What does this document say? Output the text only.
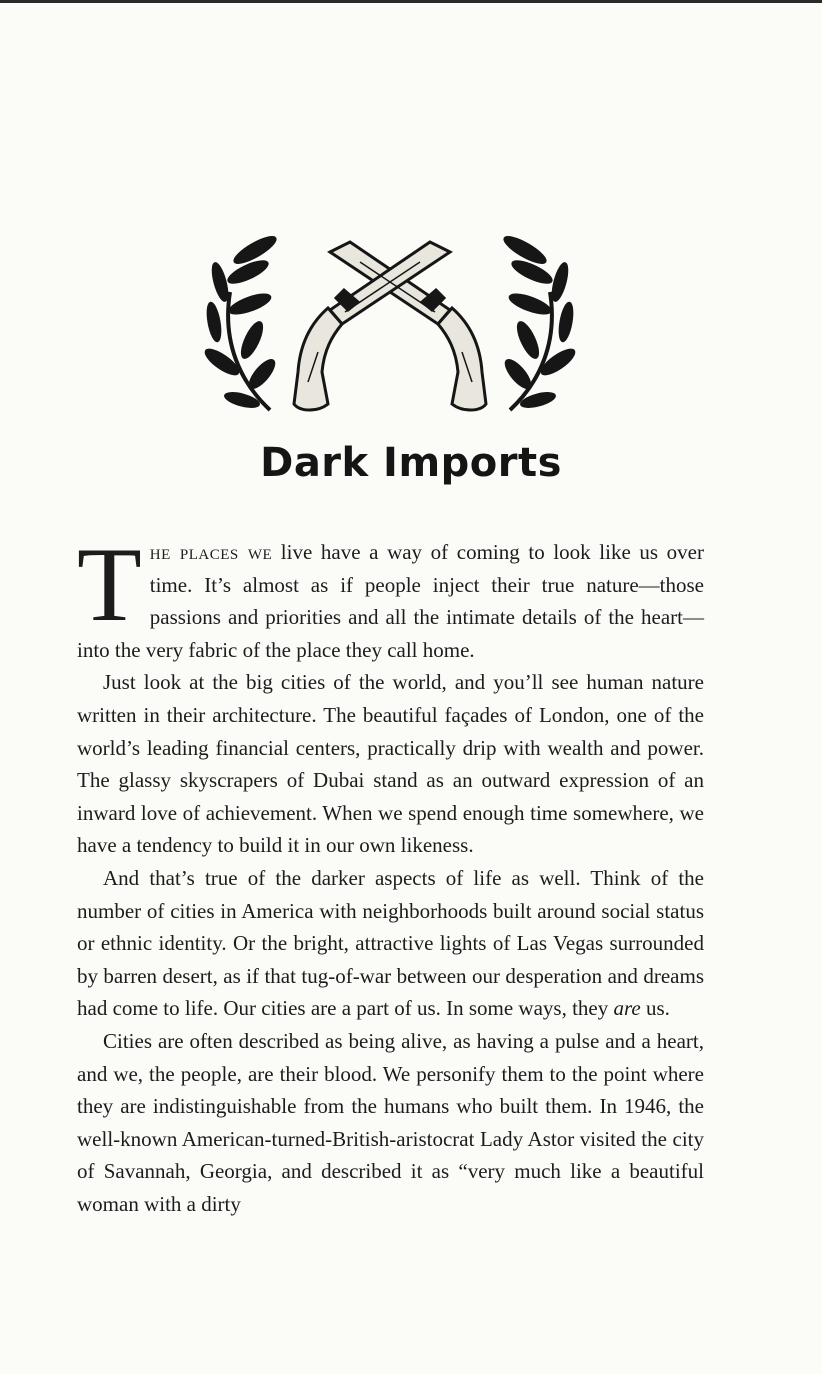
Dark Imports

The places we live have a way of coming to look like us over time. It’s almost as if people inject their true nature—those passions and priorities and all the intimate details of the heart—into the very fabric of the place they call home.

Just look at the big cities of the world, and you’ll see human nature written in their architecture. The beautiful façades of London, one of the world’s leading financial centers, practically drip with wealth and power. The glassy skyscrapers of Dubai stand as an outward expression of an inward love of achievement. When we spend enough time somewhere, we have a tendency to build it in our own likeness.

And that’s true of the darker aspects of life as well. Think of the number of cities in America with neighborhoods built around social status or ethnic identity. Or the bright, attractive lights of Las Vegas surrounded by barren desert, as if that tug-of-war between our desperation and dreams had come to life. Our cities are a part of us. In some ways, they are us.

Cities are often described as being alive, as having a pulse and a heart, and we, the people, are their blood. We personify them to the point where they are indistinguishable from the humans who built them. In 1946, the well-known American-turned-British-aristocrat Lady Astor visited the city of Savannah, Georgia, and described it as “very much like a beautiful woman with a dirty
